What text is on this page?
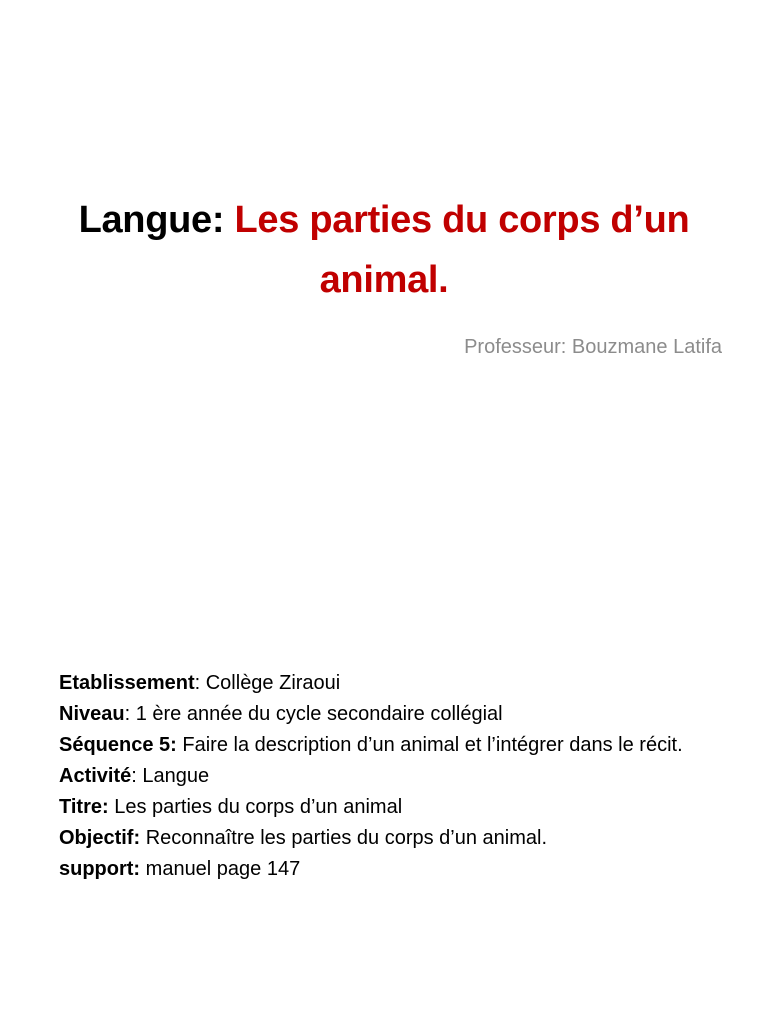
Langue: Les parties du corps d’un animal.
Professeur: Bouzmane Latifa

Etablissement: Collège Ziraoui

Niveau: 1 ère année du cycle secondaire collégial

Séquence 5: Faire la description d’un animal et l’intégrer dans le récit.

Activité: Langue

Titre: Les parties du corps d’un animal

Objectif: Reconnaître les parties du corps d’un animal.

support: manuel page 147
